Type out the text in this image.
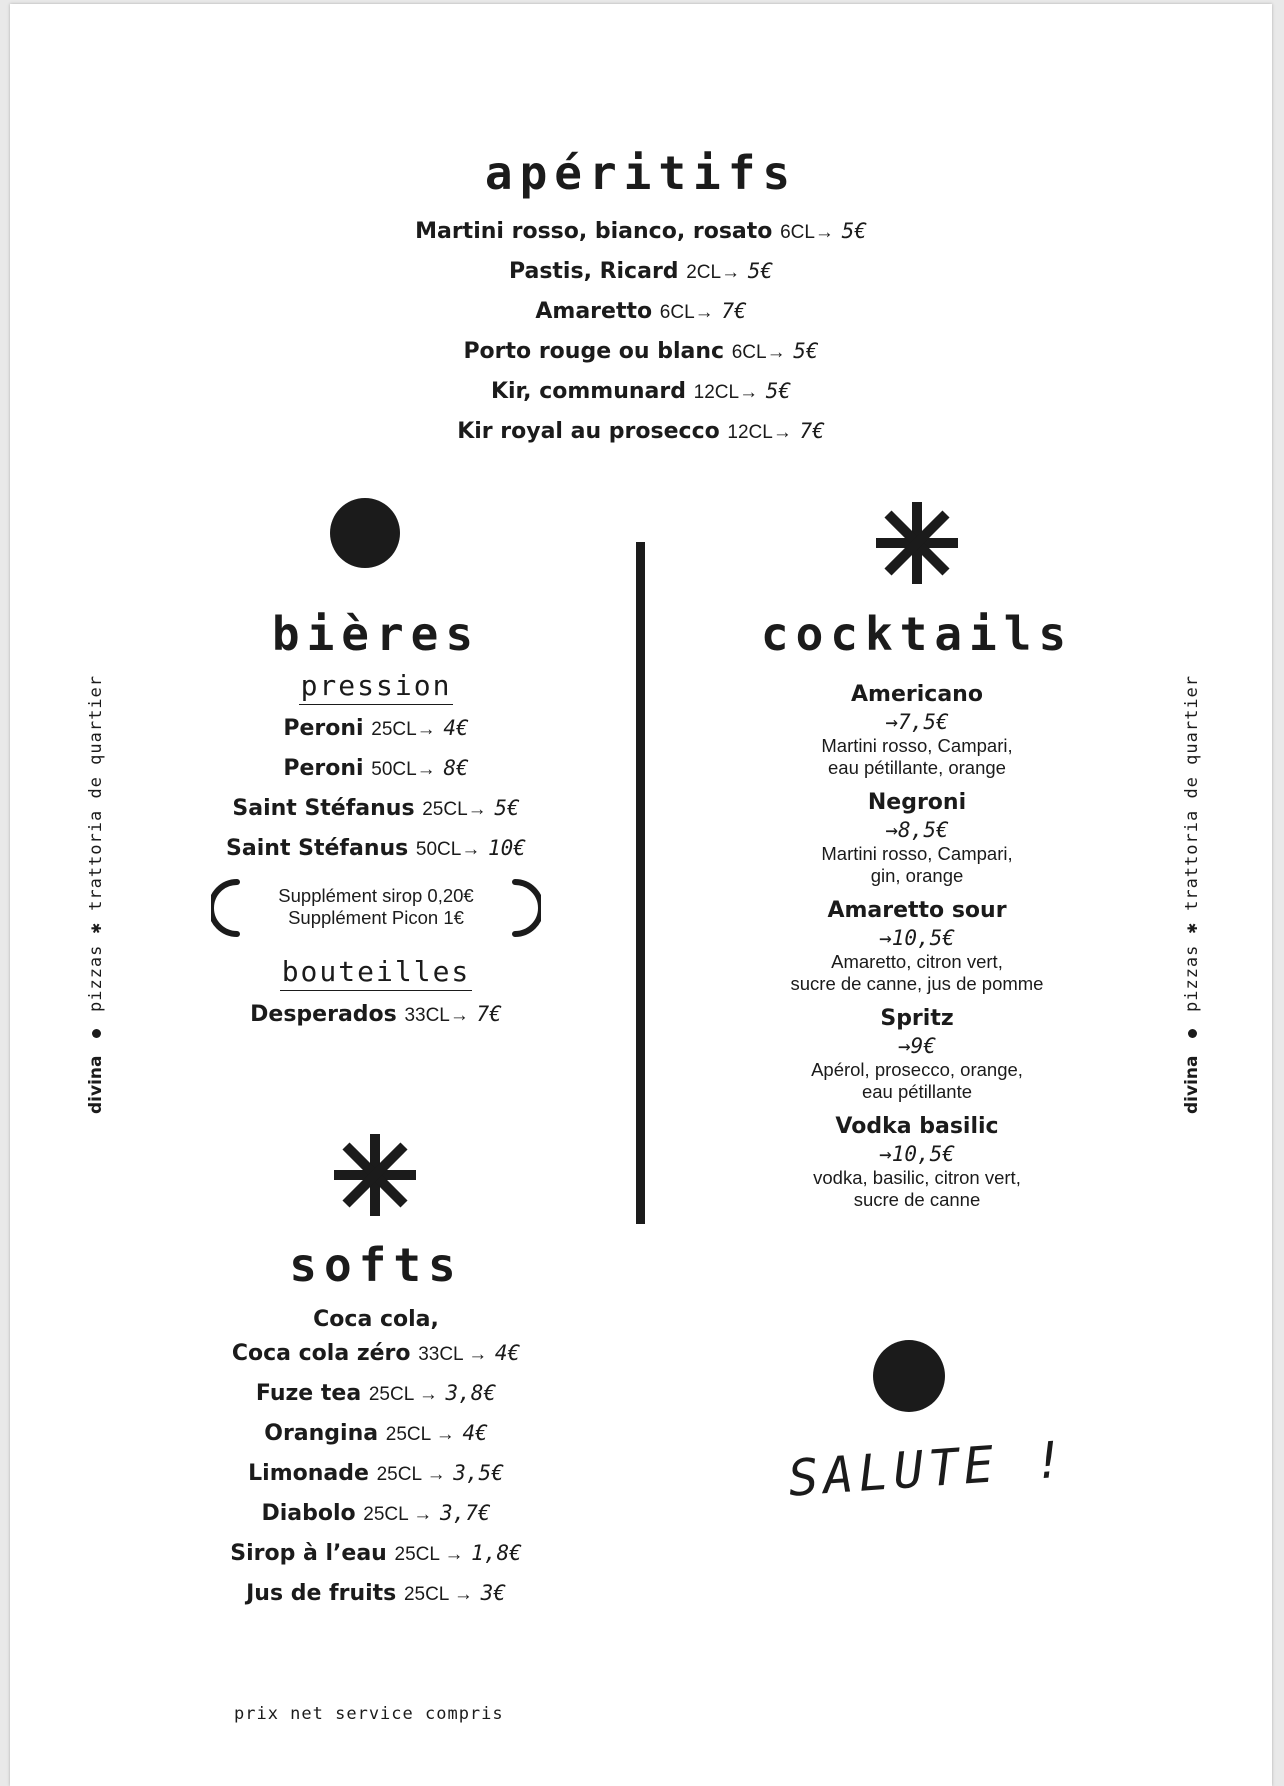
apéritifs
Martini rosso, bianco, rosato 6CL→ 5€
Pastis, Ricard 2CL→ 5€
Amaretto 6CL→ 7€
Porto rouge ou blanc 6CL→ 5€
Kir, communard 12CL→ 5€
Kir royal au prosecco 12CL→ 7€
bières
pression
Peroni 25CL→ 4€
Peroni 50CL→ 8€
Saint Stéfanus 25CL→ 5€
Saint Stéfanus 50CL→ 10€
Supplément sirop 0,20€
Supplément Picon 1€
bouteilles
Desperados 33CL→ 7€
softs
Coca cola,
Coca cola zéro 33CL → 4€
Fuze tea 25CL → 3,8€
Orangina 25CL → 4€
Limonade 25CL → 3,5€
Diabolo 25CL → 3,7€
Sirop à l’eau 25CL → 1,8€
Jus de fruits 25CL → 3€
cocktails
Americano
→7,5€
Martini rosso, Campari,
eau pétillante, orange
Negroni
→8,5€
Martini rosso, Campari,
gin, orange
Amaretto sour
→10,5€
Amaretto, citron vert,
sucre de canne, jus de pomme
Spritz
→9€
Apérol, prosecco, orange,
eau pétillante
Vodka basilic
→10,5€
vodka, basilic, citron vert,
sucre de canne
SALUTE !
divina  pizzas ✱ trattoria de quartier
divina  pizzas ✱ trattoria de quartier
prix net service compris
